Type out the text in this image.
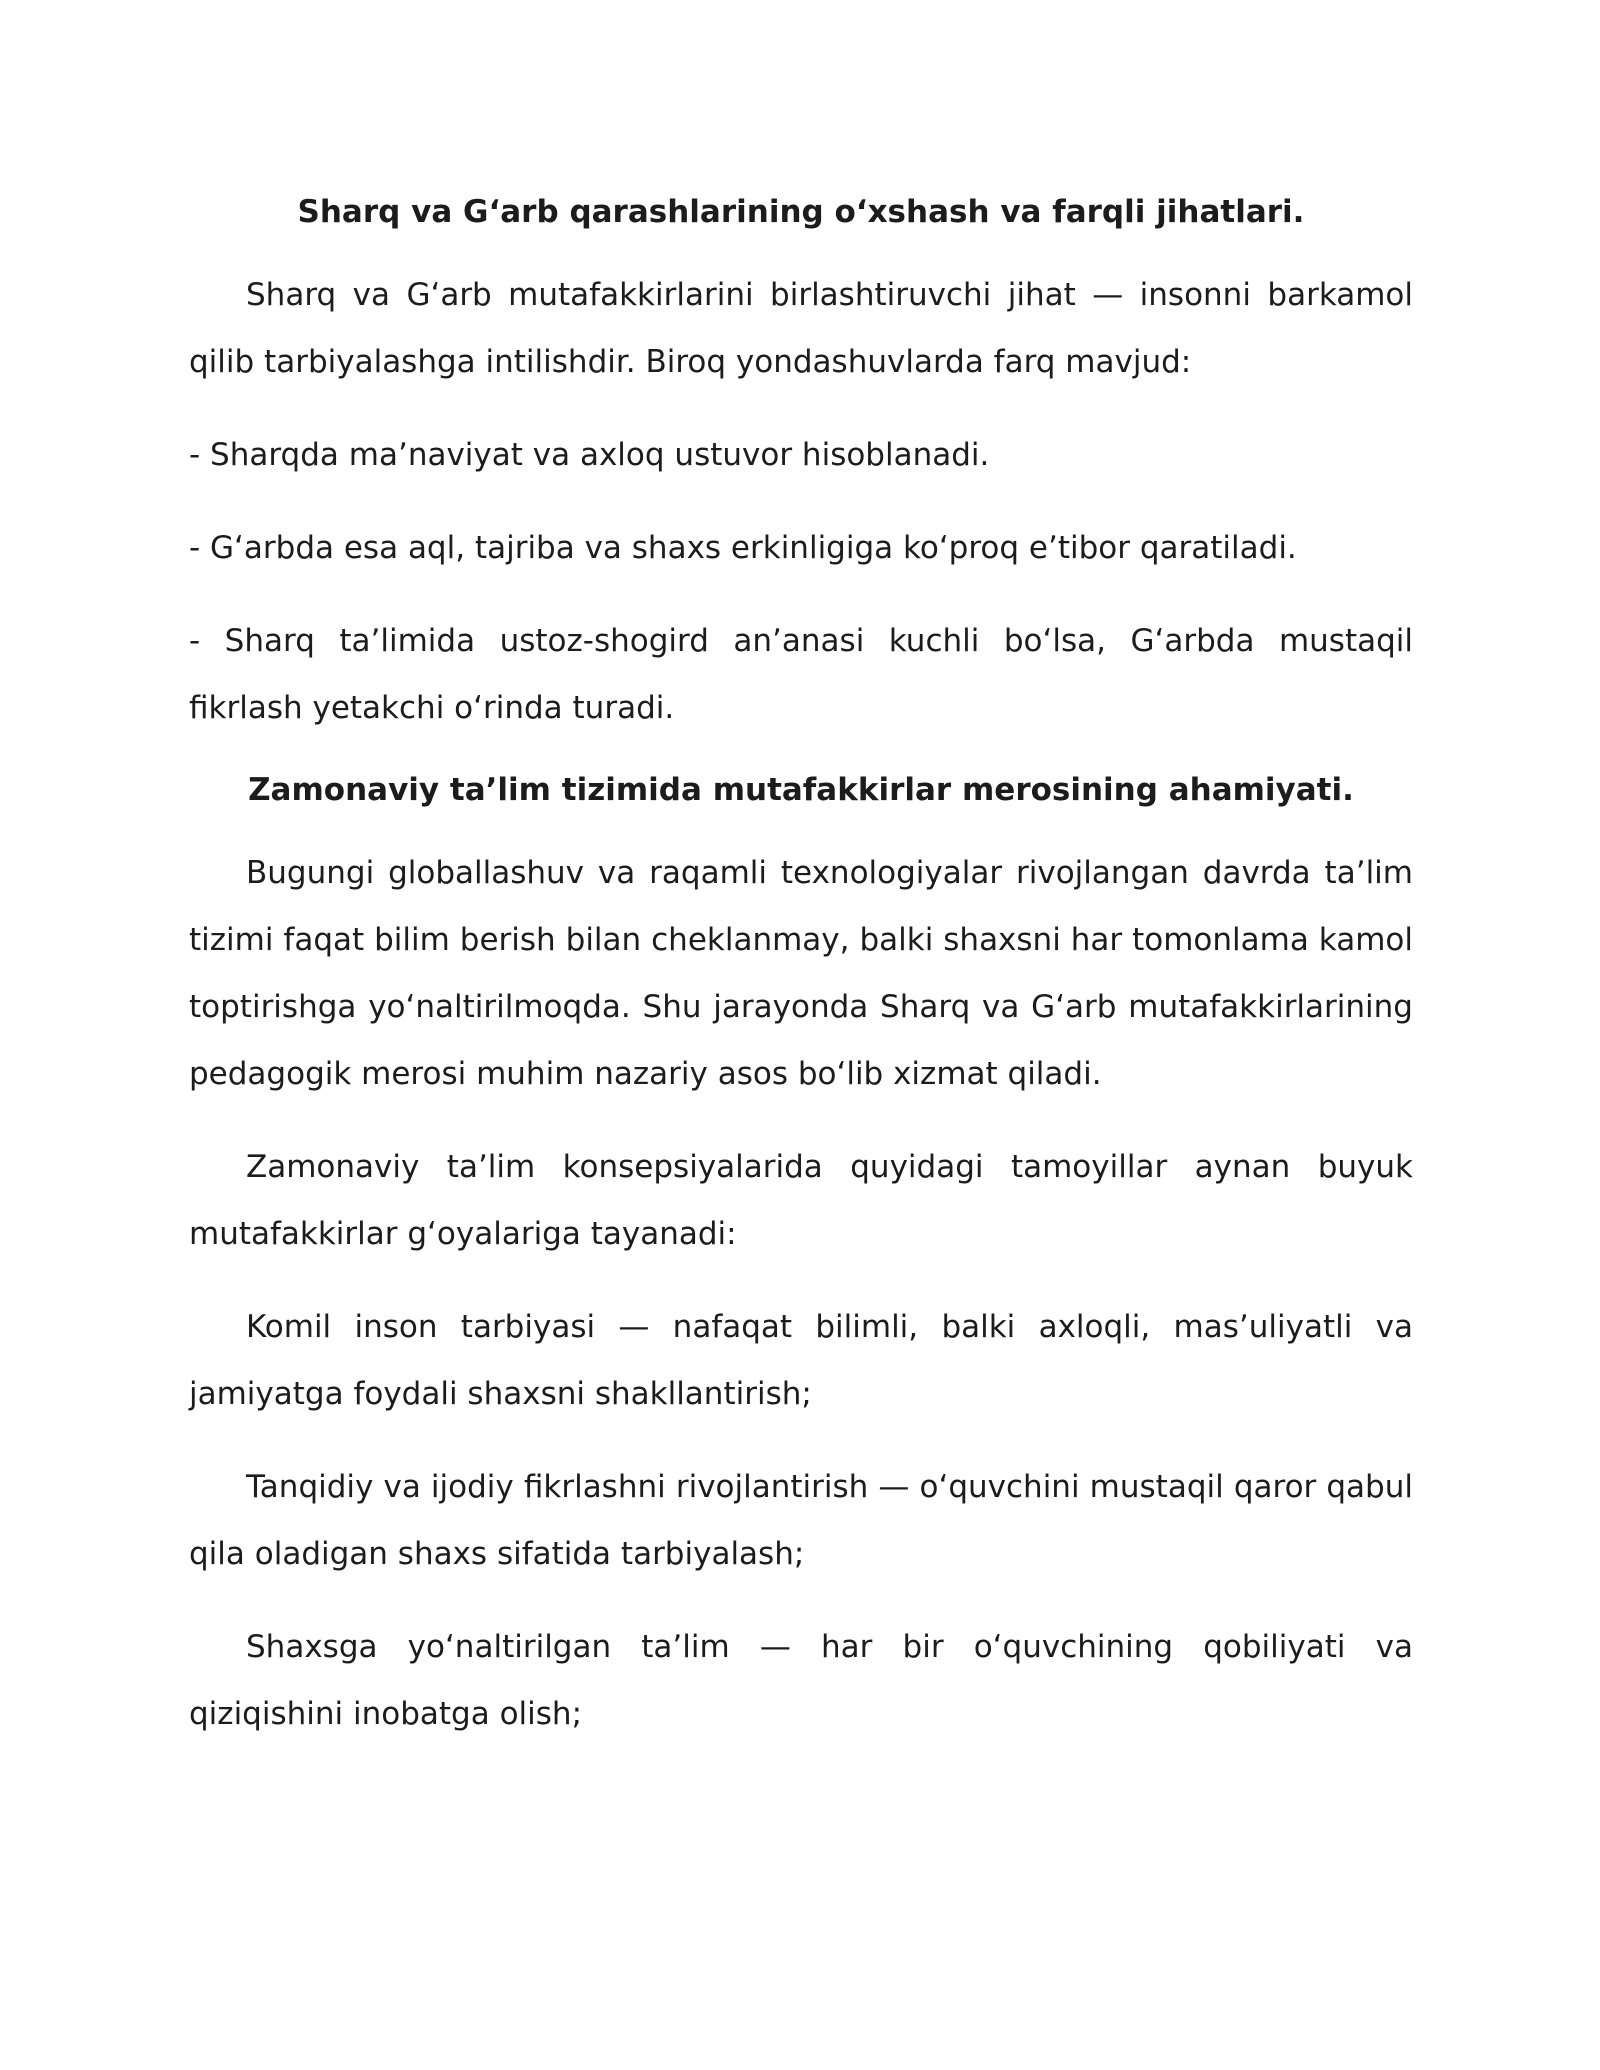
Sharq va G‘arb qarashlarining o‘xshash va farqli jihatlari.

Sharq va G‘arb mutafakkirlarini birlashtiruvchi jihat — insonni barkamol qilib tarbiyalashga intilishdir. Biroq yondashuvlarda farq mavjud:

- Sharqda ma’naviyat va axloq ustuvor hisoblanadi.

- G‘arbda esa aql, tajriba va shaxs erkinligiga ko‘proq e’tibor qaratiladi.

- Sharq ta’limida ustoz-shogird an’anasi kuchli bo‘lsa, G‘arbda mustaqil fikrlash yetakchi o‘rinda turadi.

Zamonaviy ta’lim tizimida mutafakkirlar merosining ahamiyati.

Bugungi globallashuv va raqamli texnologiyalar rivojlangan davrda ta’lim tizimi faqat bilim berish bilan cheklanmay, balki shaxsni har tomonlama kamol toptirishga yo‘naltirilmoqda. Shu jarayonda Sharq va G‘arb mutafakkirlarining pedagogik merosi muhim nazariy asos bo‘lib xizmat qiladi.

Zamonaviy ta’lim konsepsiyalarida quyidagi tamoyillar aynan buyuk mutafakkirlar g‘oyalariga tayanadi:

Komil inson tarbiyasi — nafaqat bilimli, balki axloqli, mas’uliyatli va jamiyatga foydali shaxsni shakllantirish;

Tanqidiy va ijodiy fikrlashni rivojlantirish — o‘quvchini mustaqil qaror qabul qila oladigan shaxs sifatida tarbiyalash;

Shaxsga yo‘naltirilgan ta’lim — har bir o‘quvchining qobiliyati va qiziqishini inobatga olish;
